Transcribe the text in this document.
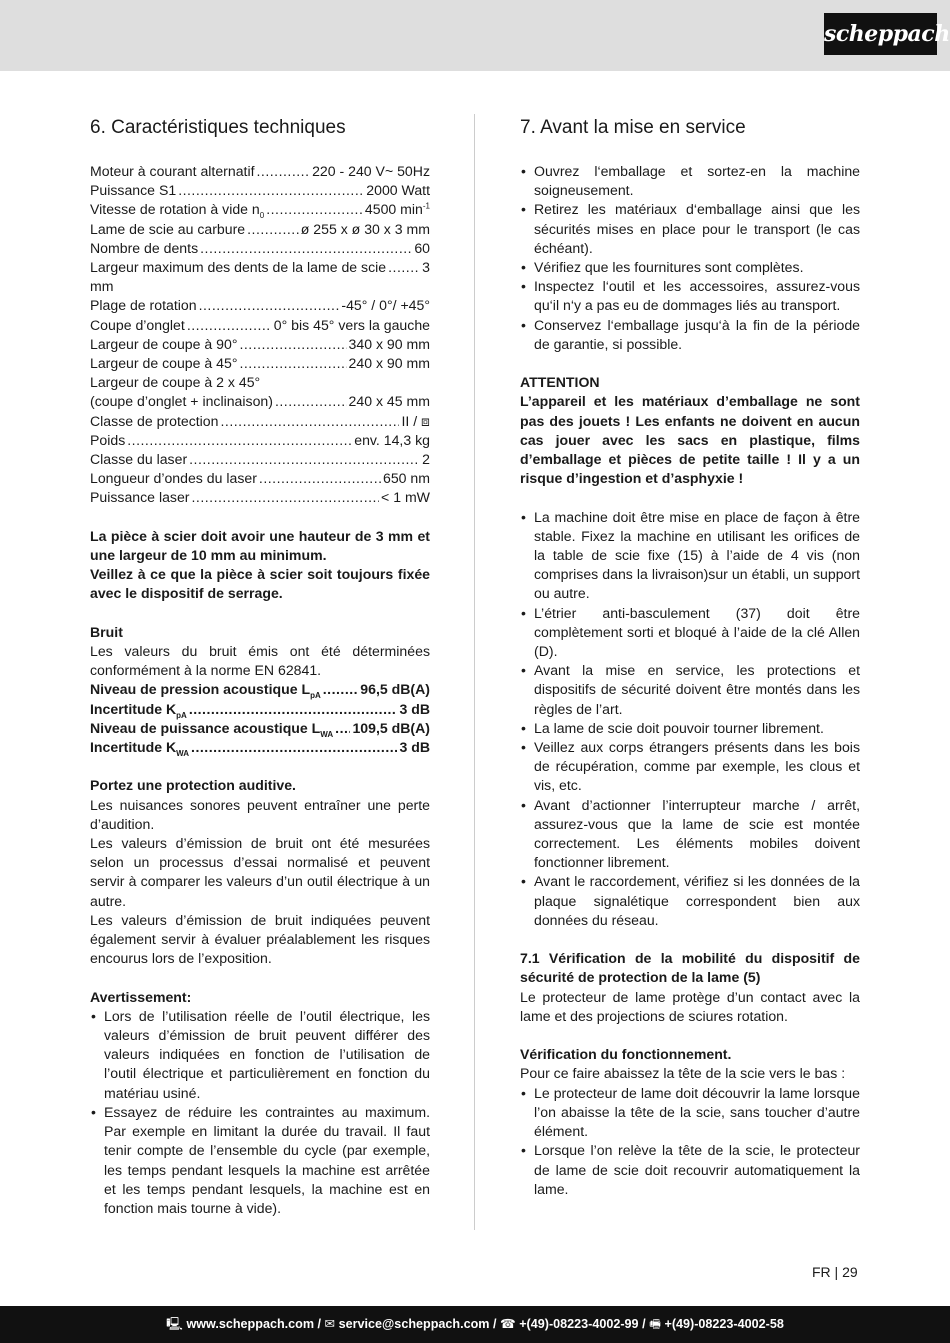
scheppach
6. Caractéristiques techniques
Moteur à courant alternatif .....	220 - 240 V~ 50Hz
Puissance S1 .....	2000 Watt
Vitesse de rotation à vide $n_0$ .....	4500 $\min^{-1}$
Lame de scie au carbure .....	ø 255 x ø 30 x 3 mm
Nombre de dents .....	60
Largeur maximum des dents de la lame de scie .....	3
mm
Plage de rotation .....	-45° / 0°/ +45°
Coupe d’onglet .....	0° bis 45° vers la gauche
Largeur de coupe à 90° .....	340 x 90 mm
Largeur de coupe à 45° .....	240 x 90 mm
Largeur de coupe à 2 x 45°
(coupe d’onglet + inclinaison) .....	240 x 45 mm
Classe de protection .....	II / ⧈
Poids .....	env. 14,3 kg
Classe du laser .....	2
Longueur d’ondes du laser .....	650 nm
Puissance laser .....	< 1 mW

La pièce à scier doit avoir une hauteur de 3 mm et une largeur de 10 mm au minimum.

Veillez à ce que la pièce à scier soit toujours fixée avec le dispositif de serrage.

Bruit

Les valeurs du bruit émis ont été déterminées conformément à la norme EN 62841.

Niveau de pression acoustique $L_{pA}$ .....	96,5 dB(A)
Incertitude $K_{pA}$ .....	3 dB
Niveau de puissance acoustique $L_{WA}$ ..... 109,5 dB(A)
Incertitude $K_{WA}$ .....	3 dB

Portez une protection auditive.

Les nuisances sonores peuvent entraîner une perte d’audition.

Les valeurs d’émission de bruit ont été mesurées selon un processus d’essai normalisé et peuvent servir à comparer les valeurs d’un outil électrique à un autre.

Les valeurs d’émission de bruit indiquées peuvent également servir à évaluer préalablement les risques encourus lors de l’exposition.

Avertissement:

• Lors de l’utilisation réelle de l’outil électrique, les valeurs d’émission de bruit peuvent différer des valeurs indiquées en fonction de l’utilisation de l’outil électrique et particulièrement en fonction du matériau usiné.
• Essayez de réduire les contraintes au maximum. Par exemple en limitant la durée du travail. Il faut tenir compte de l’ensemble du cycle (par exemple, les temps pendant lesquels la machine est arrêtée et les temps pendant lesquels, la machine est en fonction mais tourne à vide).
7. Avant la mise en service
• Ouvrez l‘emballage et sortez-en la machine soigneusement.
• Retirez les matériaux d‘emballage ainsi que les sécurités mises en place pour le transport (le cas échéant).
• Vérifiez que les fournitures sont complètes.
• Inspectez l‘outil et les accessoires, assurez-vous qu‘il n‘y a pas eu de dommages liés au transport.
• Conservez l‘emballage jusqu‘à la fin de la période de garantie, si possible.

ATTENTION

L’appareil et les matériaux d’emballage ne sont pas des jouets ! Les enfants ne doivent en aucun cas jouer avec les sacs en plastique, films d’emballage et pièces de petite taille ! Il y a un risque d’ingestion et d’asphyxie !

• La machine doit être mise en place de façon à être stable. Fixez la machine en utilisant les orifices de la table de scie fixe (15) à l’aide de 4 vis (non comprises dans la livraison)sur un établi, un support ou autre.
• L’étrier anti-basculement (37) doit être complètement sorti et bloqué à l’aide de la clé Allen (D).
• Avant la mise en service, les protections et dispositifs de sécurité doivent être montés dans les règles de l’art.
• La lame de scie doit pouvoir tourner librement.
• Veillez aux corps étrangers présents dans les bois de récupération, comme par exemple, les clous et vis, etc.
• Avant d’actionner l’interrupteur marche / arrêt, assurez-vous que la lame de scie est montée correctement. Les éléments mobiles doivent fonctionner librement.
• Avant le raccordement, vérifiez si les données de la plaque signalétique correspondent bien aux données du réseau.

7.1 Vérification de la mobilité du dispositif de sécurité de protection de la lame (5)

Le protecteur de lame protège d’un contact avec la lame et des projections de sciures rotation.

Vérification du fonctionnement.

Pour ce faire abaissez la tête de la scie vers le bas :

• Le protecteur de lame doit découvrir la lame lorsque l’on abaisse la tête de la scie, sans toucher d’autre élément.
• Lorsque l’on relève la tête de la scie, le protecteur de lame de scie doit recouvrir automatiquement la lame.
FR | 29
🖳 www.scheppach.com / ✉ service@scheppach.com / ☎ +(49)-08223-4002-99 / 🖷 +(49)-08223-4002-58
